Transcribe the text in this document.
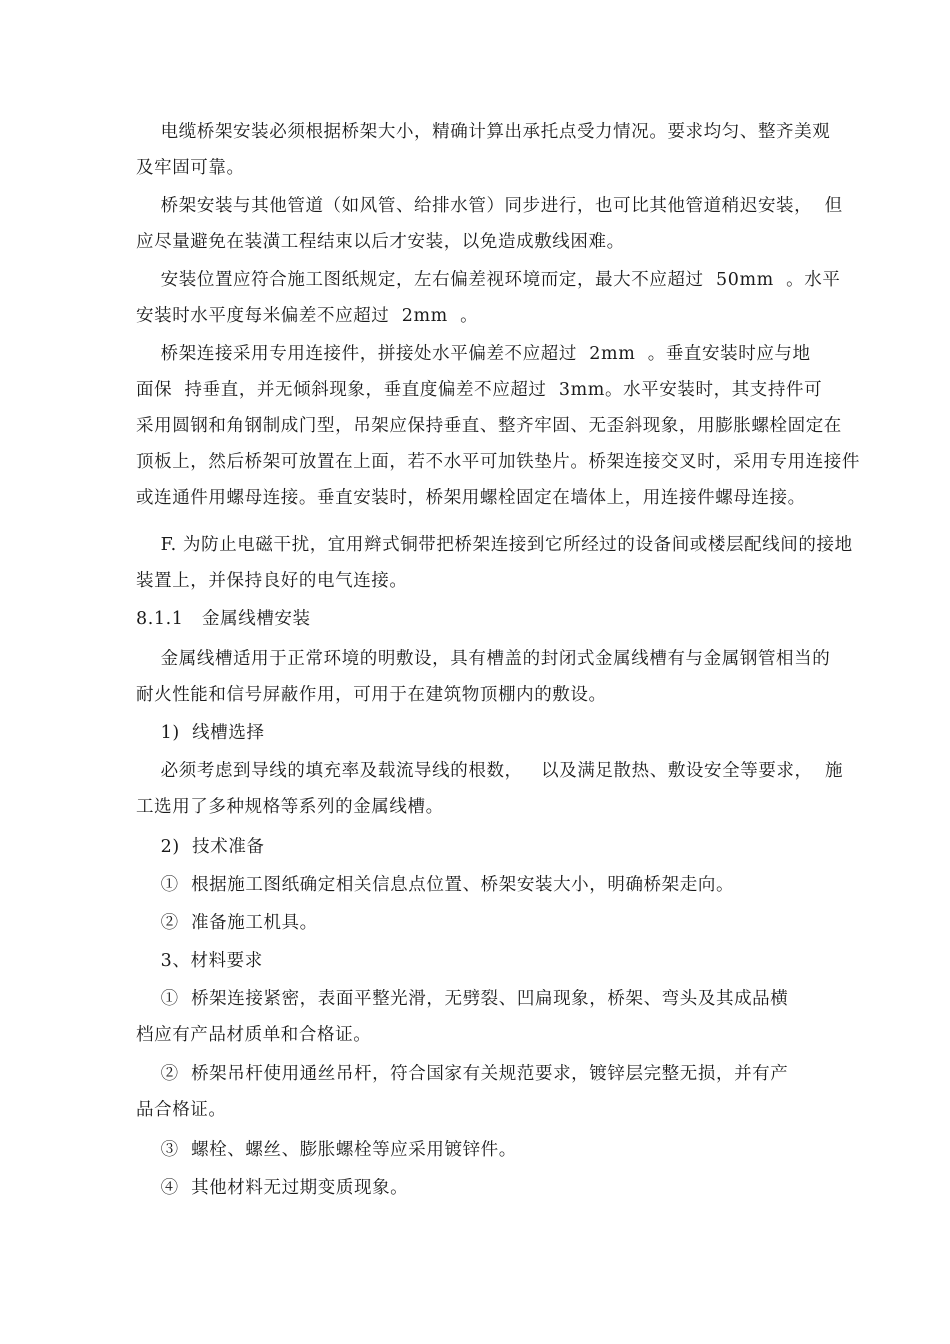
电缆桥架安装必须根据桥架大小，精确计算出承托点受力情况。要求均匀、整齐美观
及牢固可靠。

桥架安装与其他管道（如风管、给排水管）同步进行，也可比其他管道稍迟安装，  但
应尽量避免在装潢工程结束以后才安装，以免造成敷线困难。

安装位置应符合施工图纸规定，左右偏差视环境而定，最大不应超过  50mm  。水平
安装时水平度每米偏差不应超过  2mm  。

桥架连接采用专用连接件，拼接处水平偏差不应超过  2mm  。垂直安装时应与地
面保  持垂直，并无倾斜现象，垂直度偏差不应超过  3mm。水平安装时，其支持件可
采用圆钢和角钢制成门型，吊架应保持垂直、整齐牢固、无歪斜现象，用膨胀螺栓固定在
顶板上，然后桥架可放置在上面，若不水平可加铁垫片。桥架连接交叉时，采用专用连接件
或连通件用螺母连接。垂直安装时，桥架用螺栓固定在墙体上，用连接件螺母连接。

F. 为防止电磁干扰，宜用辫式铜带把桥架连接到它所经过的设备间或楼层配线间的接地
装置上，并保持良好的电气连接。

8.1.1   金属线槽安装

金属线槽适用于正常环境的明敷设，具有槽盖的封闭式金属线槽有与金属钢管相当的
耐火性能和信号屏蔽作用，可用于在建筑物顶棚内的敷设。

1)  线槽选择

必须考虑到导线的填充率及载流导线的根数，   以及满足散热、敷设安全等要求，  施
工选用了多种规格等系列的金属线槽。

2)  技术准备

①  根据施工图纸确定相关信息点位置、桥架安装大小，明确桥架走向。

②  准备施工机具。

3、材料要求

①  桥架连接紧密，表面平整光滑，无劈裂、凹扁现象，桥架、弯头及其成品横
档应有产品材质单和合格证。

②  桥架吊杆使用通丝吊杆，符合国家有关规范要求，镀锌层完整无损，并有产
品合格证。

③  螺栓、螺丝、膨胀螺栓等应采用镀锌件。

④  其他材料无过期变质现象。
